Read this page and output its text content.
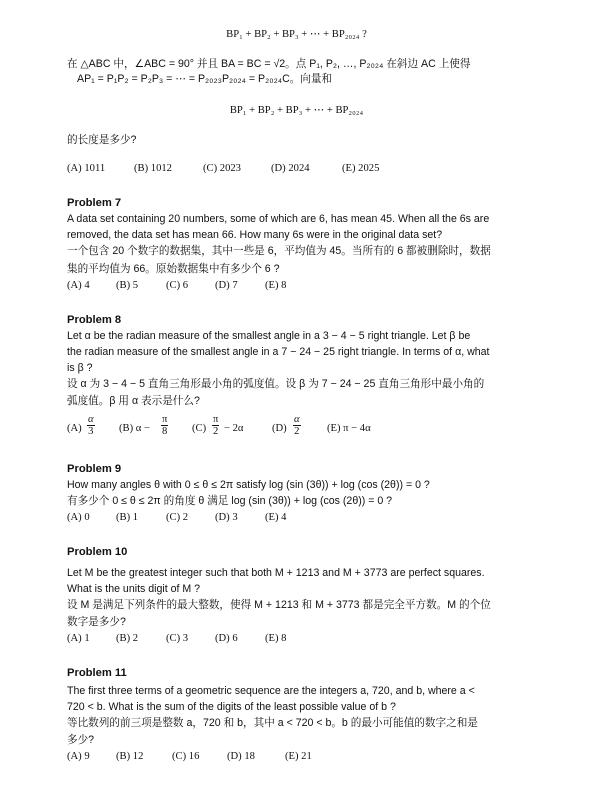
BP₁ + BP₂ + BP₃ + ⋯ + BP₂₀₂₄ ?
在 △ABC 中，∠ABC = 90° 并且 BA = BC = √2。点 P₁, P₂, …, P₂₀₂₄ 在斜边 AC 上使得
AP₁ = P₁P₂ = P₂P₃ = ⋯ = P₂₀₂₃P₂₀₂₄ = P₂₀₂₄C。向量和
BP₁ + BP₂ + BP₃ + ⋯ + BP₂₀₂₄
的长度是多少?
(A) 1011	(B) 1012	(C) 2023	(D) 2024	(E) 2025
Problem 7
A data set containing 20 numbers, some of which are 6, has mean 45. When all the 6s are
removed, the data set has mean 66. How many 6s were in the original data set?
一个包含 20 个数字的数据集，其中一些是 6，平均值为 45。当所有的 6 都被删除时，数据
集的平均值为 66。原始数据集中有多少个 6 ?
(A) 4 (B) 5	(C) 6	(D) 7	(E) 8
Problem 8
Let α be the radian measure of the smallest angle in a 3 − 4 − 5 right triangle. Let β be
the radian measure of the smallest angle in a 7 − 24 − 25 right triangle. In terms of α, what
is β ?
设 α 为 3 − 4 − 5 直角三角形最小角的弧度值。设 β 为 7 − 24 − 25 直角三角形中最小角的
弧度值。β 用 α 表示是什么?
$(A) \frac{\alpha}{3} (B) \alpha - \frac{\pi}{8} (C) \frac{\pi}{2} - 2\alpha$	$(D) \frac{\alpha}{2} (E) \pi - 4\alpha$
Problem 9
How many angles θ with 0 ≤ θ ≤ 2π satisfy log (sin (3θ)) + log (cos (2θ)) = 0 ?
有多少个 0 ≤ θ ≤ 2π 的角度 θ 满足 log (sin (3θ)) + log (cos (2θ)) = 0 ?
(A) 0 (B) 1	(C) 2	(D) 3	(E) 4
Problem 10
Let M be the greatest integer such that both M + 1213 and M + 3773 are perfect squares.
What is the units digit of M ?
设 M 是满足下列条件的最大整数，使得 M + 1213 和 M + 3773 都是完全平方数。M 的个位
数字是多少?
(A) 1 (B) 2	(C) 3	(D) 6	(E) 8
Problem 11
The first three terms of a geometric sequence are the integers a, 720, and b, where a <
720 < b. What is the sum of the digits of the least possible value of b ?
等比数列的前三项是整数 a，720 和 b，其中 a < 720 < b。b 的最小可能值的数字之和是
多少?
(A) 9 (B) 12	(C) 16	(D) 18	(E) 21
